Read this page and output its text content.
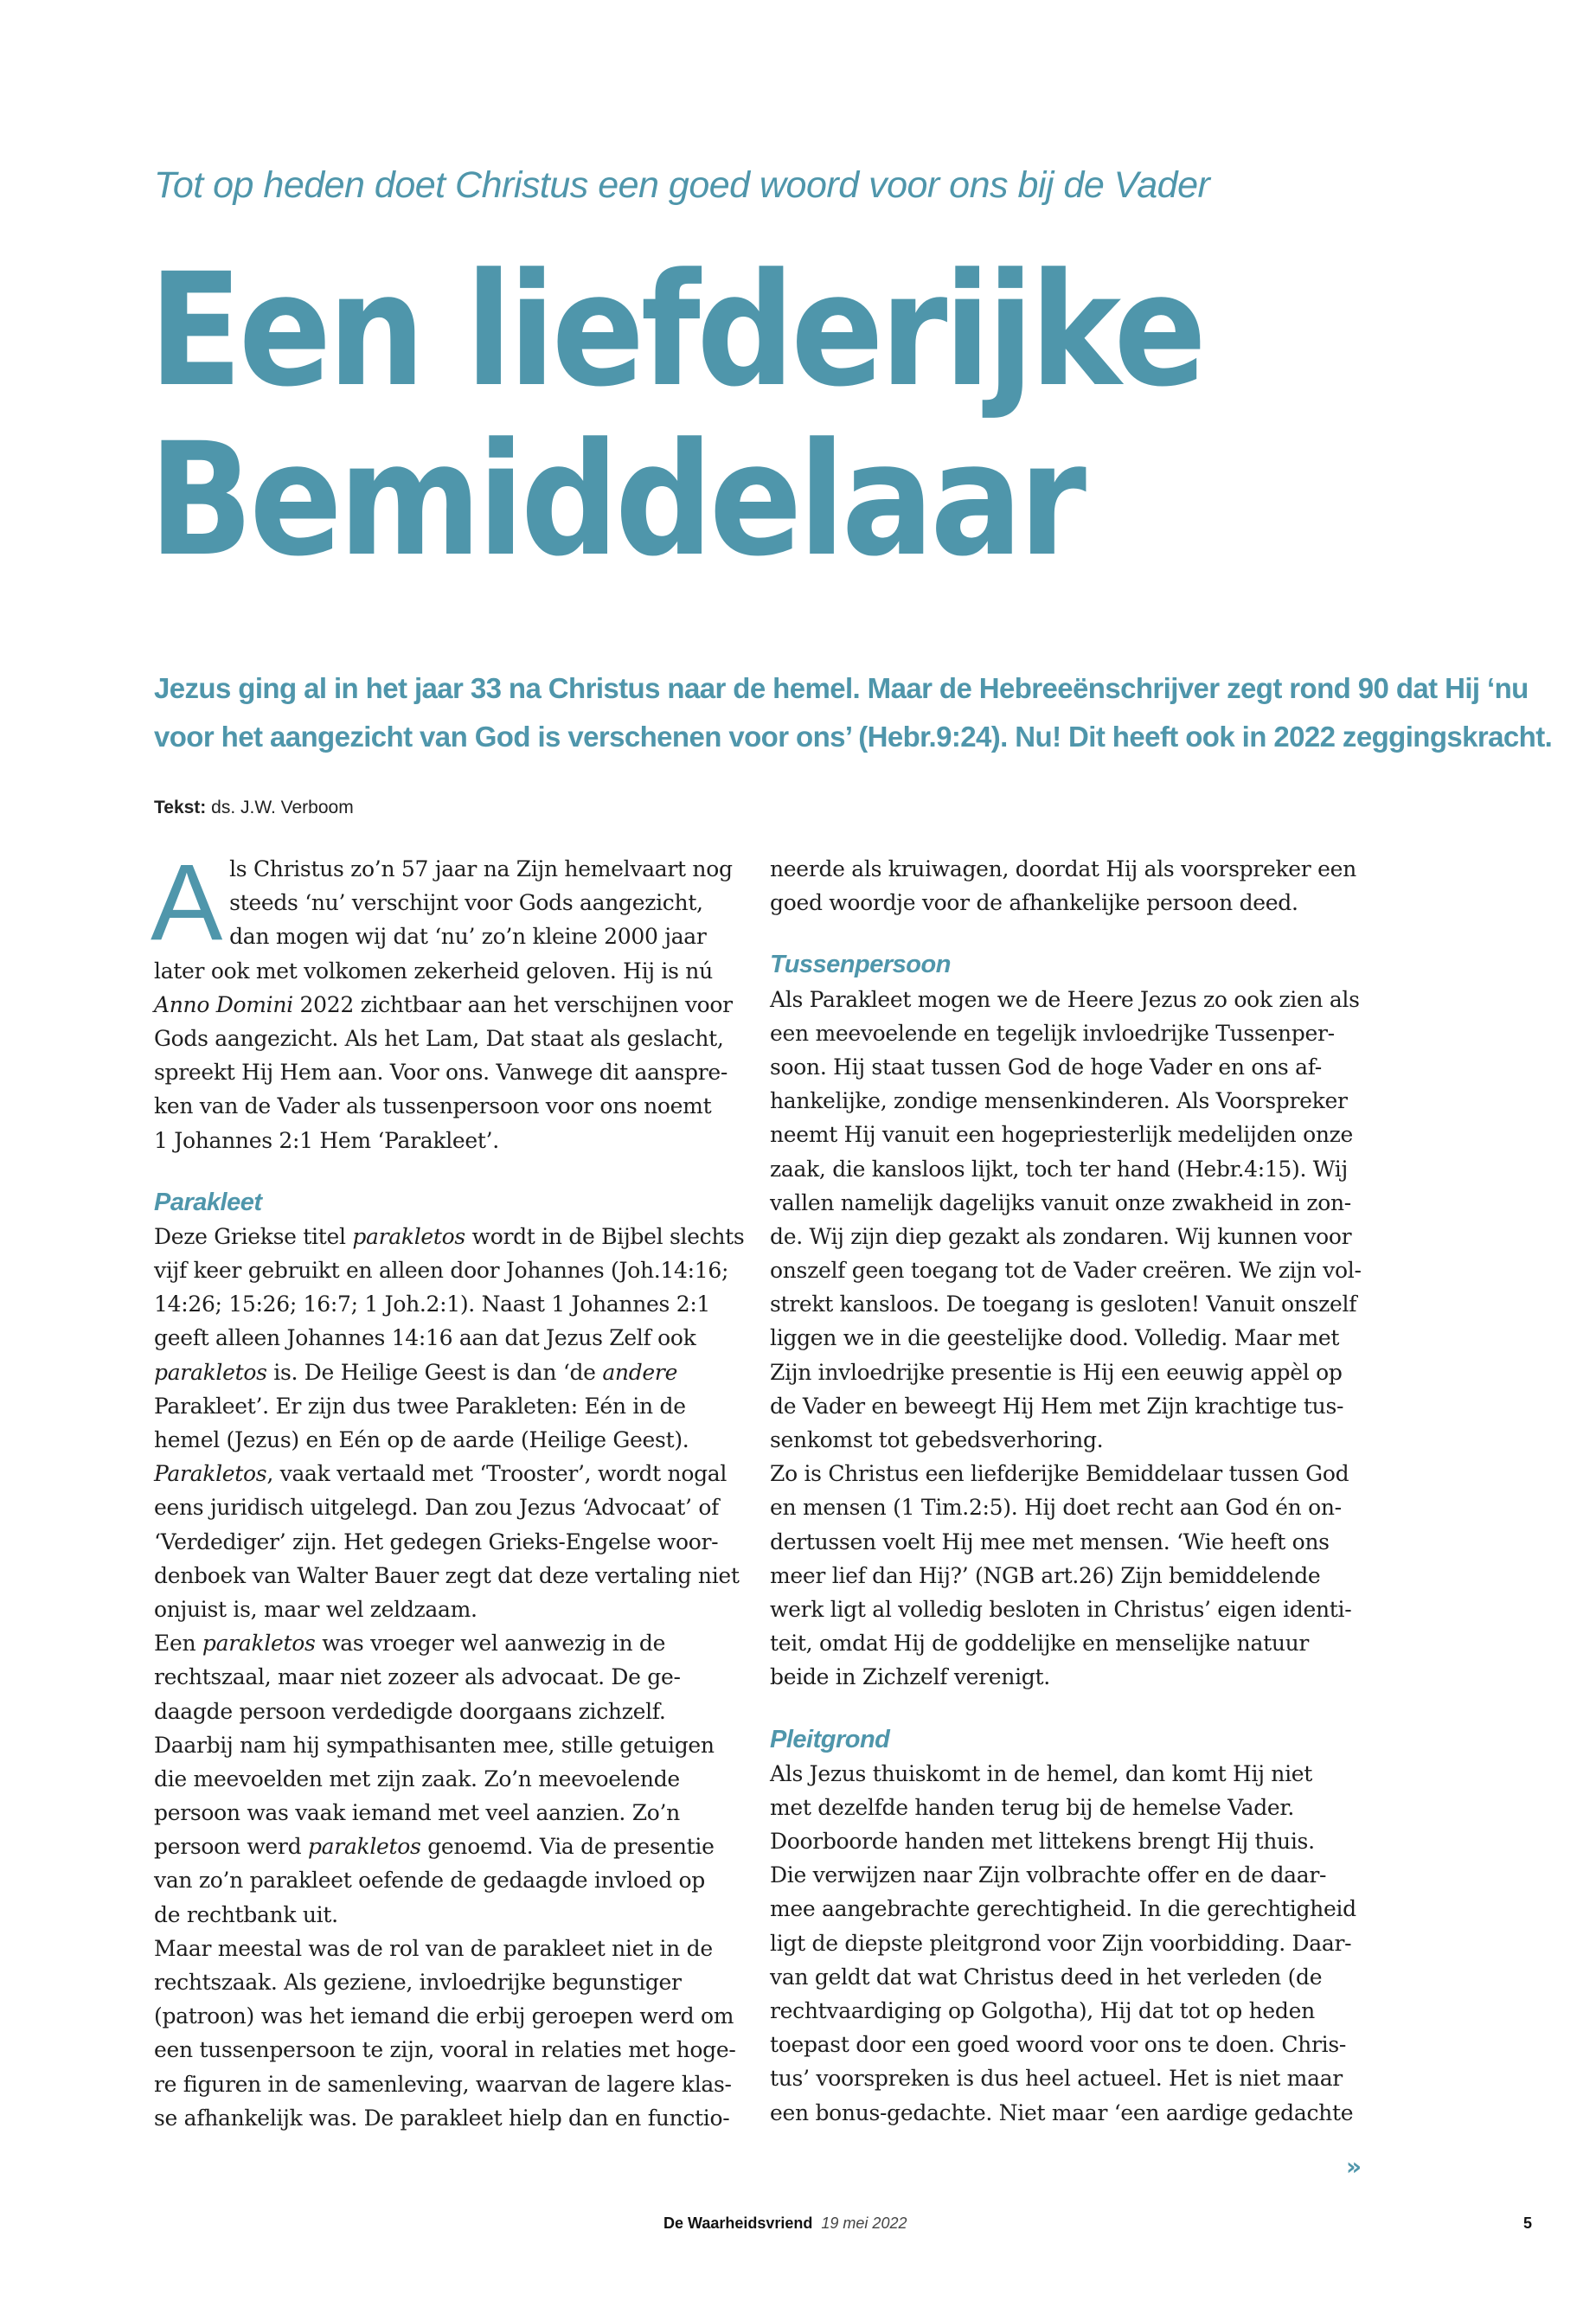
Tot op heden doet Christus een goed woord voor ons bij de Vader
Een liefderijke
Bemiddelaar
Jezus ging al in het jaar 33 na Christus naar de hemel. Maar de Hebreeënschrijver zegt rond 90 dat Hij ‘nu
voor het aangezicht van God is verschenen voor ons’ (Hebr.9:24). Nu! Dit heeft ook in 2022 zeggingskracht.
Tekst: ds. J.W. Verboom
A ls Christus zo’n 57 jaar na Zijn hemelvaart nog
steeds ‘nu’ verschijnt voor Gods aangezicht,
dan mogen wij dat ‘nu’ zo’n kleine 2000 jaar
later ook met volkomen zekerheid geloven. Hij is nú
Anno Domini 2022 zichtbaar aan het verschijnen voor
Gods aangezicht. Als het Lam, Dat staat als geslacht,
spreekt Hij Hem aan. Voor ons. Vanwege dit aanspre-
ken van de Vader als tussenpersoon voor ons noemt
1 Johannes 2:1 Hem ‘Parakleet’.
Parakleet
Deze Griekse titel parakletos wordt in de Bijbel slechts
vijf keer gebruikt en alleen door Johannes (Joh.14:16;
14:26; 15:26; 16:7; 1 Joh.2:1). Naast 1 Johannes 2:1
geeft alleen Johannes 14:16 aan dat Jezus Zelf ook
parakletos is. De Heilige Geest is dan ‘de andere
Parakleet’. Er zijn dus twee Parakleten: Eén in de
hemel (Jezus) en Eén op de aarde (Heilige Geest).
Parakletos, vaak vertaald met ‘Trooster’, wordt nogal
eens juridisch uitgelegd. Dan zou Jezus ‘Advocaat’ of
‘Verdediger’ zijn. Het gedegen Grieks-Engelse woor-
denboek van Walter Bauer zegt dat deze vertaling niet
onjuist is, maar wel zeldzaam.
Een parakletos was vroeger wel aanwezig in de
rechtszaal, maar niet zozeer als advocaat. De ge-
daagde persoon verdedigde doorgaans zichzelf.
Daarbij nam hij sympathisanten mee, stille getuigen
die meevoelden met zijn zaak. Zo’n meevoelende
persoon was vaak iemand met veel aanzien. Zo’n
persoon werd parakletos genoemd. Via de presentie
van zo’n parakleet oefende de gedaagde invloed op
de rechtbank uit.
Maar meestal was de rol van de parakleet niet in de
rechtszaak. Als geziene, invloedrijke begunstiger
(patroon) was het iemand die erbij geroepen werd om
een tussenpersoon te zijn, vooral in relaties met hoge-
re figuren in de samenleving, waarvan de lagere klas-
se afhankelijk was. De parakleet hielp dan en functio-
neerde als kruiwagen, doordat Hij als voorspreker een
goed woordje voor de afhankelijke persoon deed.
Tussenpersoon
Als Parakleet mogen we de Heere Jezus zo ook zien als
een meevoelende en tegelijk invloedrijke Tussenper-
soon. Hij staat tussen God de hoge Vader en ons af-
hankelijke, zondige mensenkinderen. Als Voorspreker
neemt Hij vanuit een hogepriesterlijk medelijden onze
zaak, die kansloos lijkt, toch ter hand (Hebr.4:15). Wij
vallen namelijk dagelijks vanuit onze zwakheid in zon-
de. Wij zijn diep gezakt als zondaren. Wij kunnen voor
onszelf geen toegang tot de Vader creëren. We zijn vol-
strekt kansloos. De toegang is gesloten! Vanuit onszelf
liggen we in die geestelijke dood. Volledig. Maar met
Zijn invloedrijke presentie is Hij een eeuwig appèl op
de Vader en beweegt Hij Hem met Zijn krachtige tus-
senkomst tot gebedsverhoring.
Zo is Christus een liefderijke Bemiddelaar tussen God
en mensen (1 Tim.2:5). Hij doet recht aan God én on-
dertussen voelt Hij mee met mensen. ‘Wie heeft ons
meer lief dan Hij?’ (NGB art.26) Zijn bemiddelende
werk ligt al volledig besloten in Christus’ eigen identi-
teit, omdat Hij de goddelijke en menselijke natuur
beide in Zichzelf verenigt.
Pleitgrond
Als Jezus thuiskomt in de hemel, dan komt Hij niet
met dezelfde handen terug bij de hemelse Vader.
Doorboorde handen met littekens brengt Hij thuis.
Die verwijzen naar Zijn volbrachte offer en de daar-
mee aangebrachte gerechtigheid. In die gerechtigheid
ligt de diepste pleitgrond voor Zijn voorbidding. Daar-
van geldt dat wat Christus deed in het verleden (de
rechtvaardiging op Golgotha), Hij dat tot op heden
toepast door een goed woord voor ons te doen. Chris-
tus’ voorspreken is dus heel actueel. Het is niet maar
een bonus-gedachte. Niet maar ‘een aardige gedachte
»
De Waarheidsvriend 19 mei 2022	5
